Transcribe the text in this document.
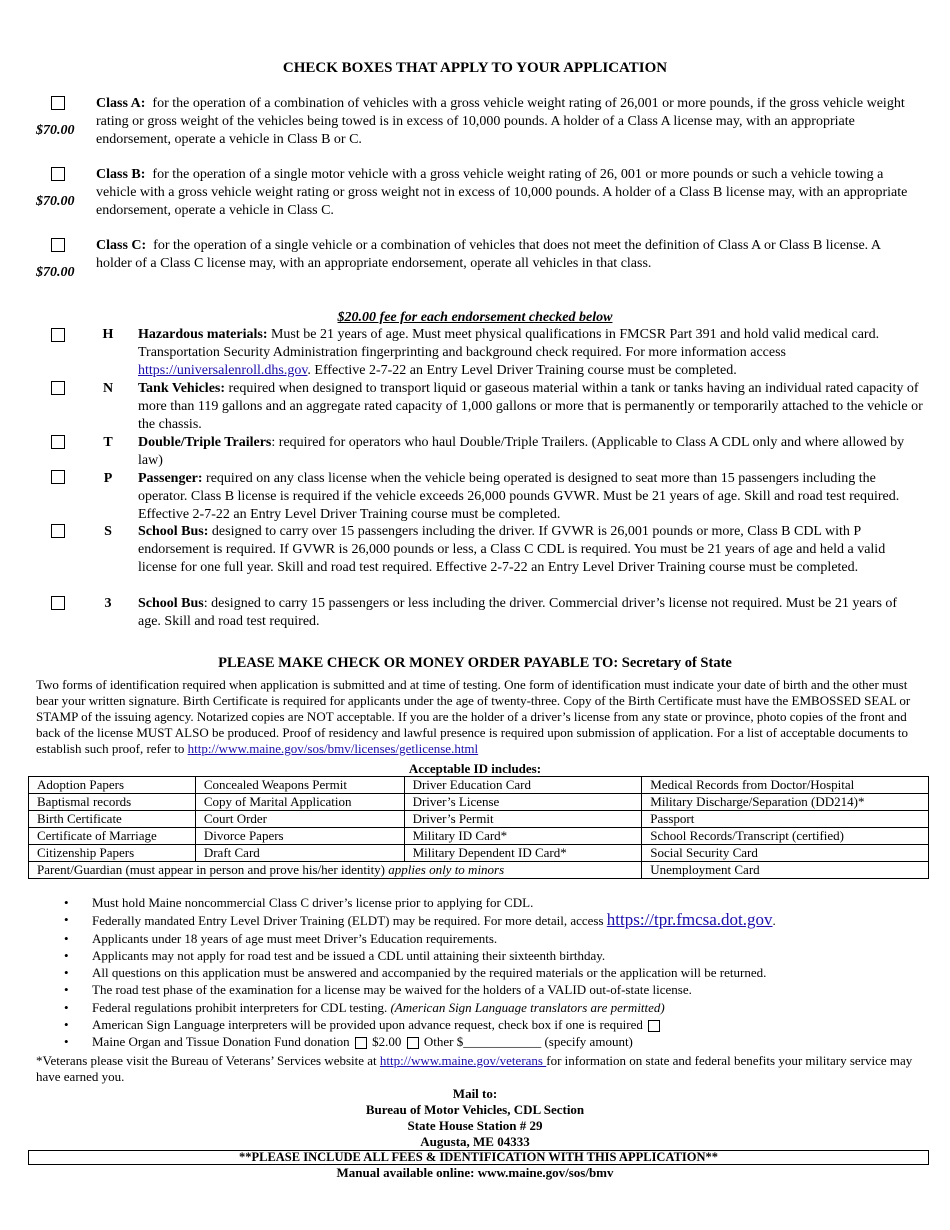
CHECK BOXES THAT APPLY TO YOUR APPLICATION
$70.00
Class A: for the operation of a combination of vehicles with a gross vehicle weight rating of 26,001 or more pounds, if the gross vehicle weight rating or gross weight of the vehicles being towed is in excess of 10,000 pounds. A holder of a Class A license may, with an appropriate endorsement, operate a vehicle in Class B or C.
$70.00
Class B: for the operation of a single motor vehicle with a gross vehicle weight rating of 26, 001 or more pounds or such a vehicle towing a vehicle with a gross vehicle weight rating or gross weight not in excess of 10,000 pounds. A holder of a Class B license may, with an appropriate endorsement, operate a vehicle in Class C.
$70.00
Class C: for the operation of a single vehicle or a combination of vehicles that does not meet the definition of Class A or Class B license. A holder of a Class C license may, with an appropriate endorsement, operate all vehicles in that class.
$20.00 fee for each endorsement checked below
H Hazardous materials: Must be 21 years of age. Must meet physical qualifications in FMCSR Part 391 and hold valid medical card. Transportation Security Administration fingerprinting and background check required. For more information access https://universalenroll.dhs.gov. Effective 2-7-22 an Entry Level Driver Training course must be completed.
N Tank Vehicles: required when designed to transport liquid or gaseous material within a tank or tanks having an individual rated capacity of more than 119 gallons and an aggregate rated capacity of 1,000 gallons or more that is permanently or temporarily attached to the vehicle or the chassis.
T Double/Triple Trailers: required for operators who haul Double/Triple Trailers. (Applicable to Class A CDL only and where allowed by law)
P Passenger: required on any class license when the vehicle being operated is designed to seat more than 15 passengers including the operator. Class B license is required if the vehicle exceeds 26,000 pounds GVWR. Must be 21 years of age. Skill and road test required. Effective 2-7-22 an Entry Level Driver Training course must be completed.
S School Bus: designed to carry over 15 passengers including the driver. If GVWR is 26,001 pounds or more, Class B CDL with P endorsement is required. If GVWR is 26,000 pounds or less, a Class C CDL is required. You must be 21 years of age and held a valid license for one full year. Skill and road test required. Effective 2-7-22 an Entry Level Driver Training course must be completed.
3	School Bus: designed to carry 15 passengers or less including the driver. Commercial driver’s license not required. Must be 21 years of age. Skill and road test required.
PLEASE MAKE CHECK OR MONEY ORDER PAYABLE TO: Secretary of State
Two forms of identification required when application is submitted and at time of testing. One form of identification must indicate your date of birth and the other must bear your written signature. Birth Certificate is required for applicants under the age of twenty-three. Copy of the Birth Certificate must have the EMBOSSED SEAL or STAMP of the issuing agency. Notarized copies are NOT acceptable. If you are the holder of a driver’s license from any state or province, photo copies of the front and back of the license MUST ALSO be produced. Proof of residency and lawful presence is required upon submission of application. For a list of acceptable documents to establish such proof, refer to http://www.maine.gov/sos/bmv/licenses/getlicense.html
Acceptable ID includes:
Adoption Papers	Concealed Weapons Permit	Driver Education Card	Medical Records from Doctor/Hospital
Baptismal records	Copy of Marital Application	Driver’s License	Military Discharge/Separation (DD214)*
Birth Certificate	Court Order	Driver’s Permit	Passport
Certificate of Marriage	Divorce Papers	Military ID Card*	School Records/Transcript (certified)
Citizenship Papers	Draft Card	Military Dependent ID Card*	Social Security Card
Parent/Guardian (must appear in person and prove his/her identity) applies only to minors			Unemployment Card
• Must hold Maine noncommercial Class C driver’s license prior to applying for CDL.
• Federally mandated Entry Level Driver Training (ELDT) may be required. For more detail, access https://tpr.fmcsa.dot.gov.
• Applicants under 18 years of age must meet Driver’s Education requirements.
• Applicants may not apply for road test and be issued a CDL until attaining their sixteenth birthday.
• All questions on this application must be answered and accompanied by the required materials or the application will be returned.
• The road test phase of the examination for a license may be waived for the holders of a VALID out-of-state license.
• Federal regulations prohibit interpreters for CDL testing. (American Sign Language translators are permitted)
• American Sign Language interpreters will be provided upon advance request, check box if one is required
• Maine Organ and Tissue Donation Fund donation  $2.00  Other $____________ (specify amount)
*Veterans please visit the Bureau of Veterans’ Services website at http://www.maine.gov/veterans for information on state and federal benefits your military service may have earned you.
Mail to:
Bureau of Motor Vehicles, CDL Section
State House Station # 29
Augusta, ME 04333
**PLEASE INCLUDE ALL FEES & IDENTIFICATION WITH THIS APPLICATION**
Manual available online: www.maine.gov/sos/bmv
